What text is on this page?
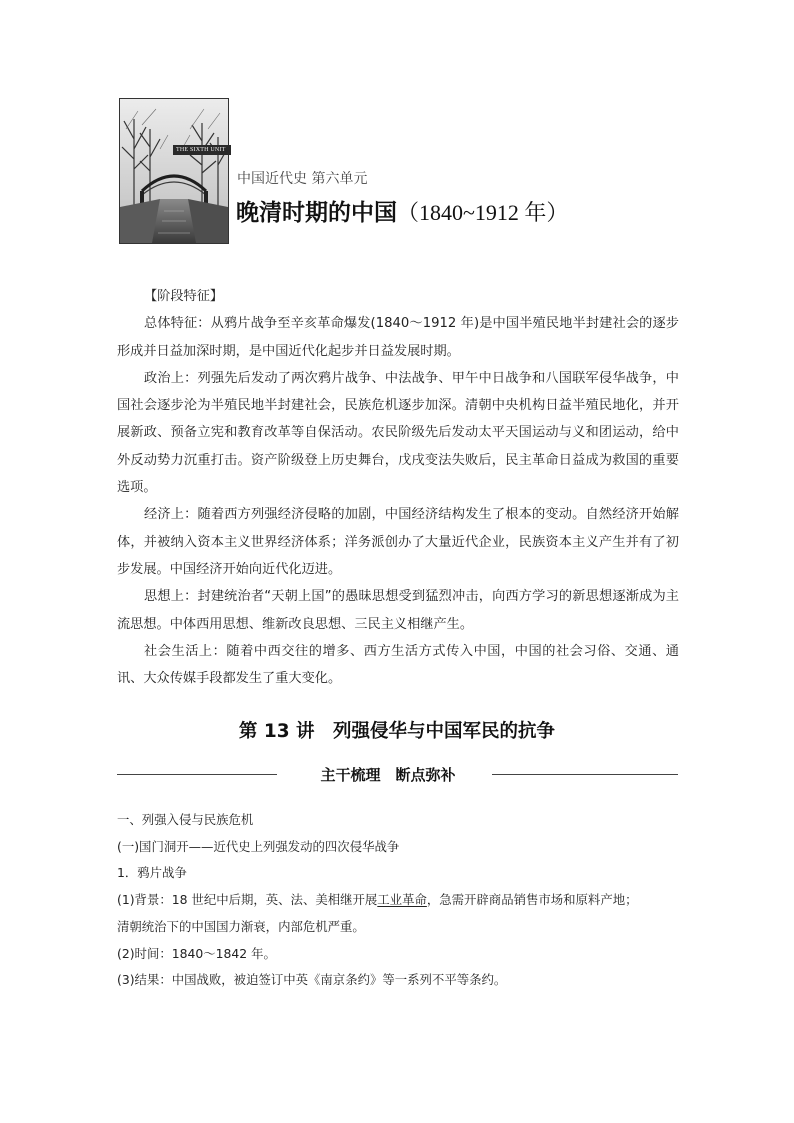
THE SIXTH UNIT
中国近代史 第六单元
晚清时期的中国（1840~1912 年）

【阶段特征】

总体特征：从鸦片战争至辛亥革命爆发(1840～1912 年)是中国半殖民地半封建社会的逐步形成并日益加深时期，是中国近代化起步并日益发展时期。

政治上：列强先后发动了两次鸦片战争、中法战争、甲午中日战争和八国联军侵华战争，中国社会逐步沦为半殖民地半封建社会，民族危机逐步加深。清朝中央机构日益半殖民地化，并开展新政、预备立宪和教育改革等自保活动。农民阶级先后发动太平天国运动与义和团运动，给中外反动势力沉重打击。资产阶级登上历史舞台，戊戌变法失败后，民主革命日益成为救国的重要选项。

经济上：随着西方列强经济侵略的加剧，中国经济结构发生了根本的变动。自然经济开始解体，并被纳入资本主义世界经济体系；洋务派创办了大量近代企业，民族资本主义产生并有了初步发展。中国经济开始向近代化迈进。

思想上：封建统治者“天朝上国”的愚昧思想受到猛烈冲击，向西方学习的新思想逐渐成为主流思想。中体西用思想、维新改良思想、三民主义相继产生。

社会生活上：随着中西交往的增多、西方生活方式传入中国，中国的社会习俗、交通、通讯、大众传媒手段都发生了重大变化。

第 13 讲　列强侵华与中国军民的抗争
主干梳理　断点弥补
一、列强入侵与民族危机
(一)国门洞开——近代史上列强发动的四次侵华战争
1．鸦片战争
(1)背景：18 世纪中后期，英、法、美相继开展工业革命，急需开辟商品销售市场和原料产地；
清朝统治下的中国国力渐衰，内部危机严重。
(2)时间：1840～1842 年。
(3)结果：中国战败，被迫签订中英《南京条约》等一系列不平等条约。
